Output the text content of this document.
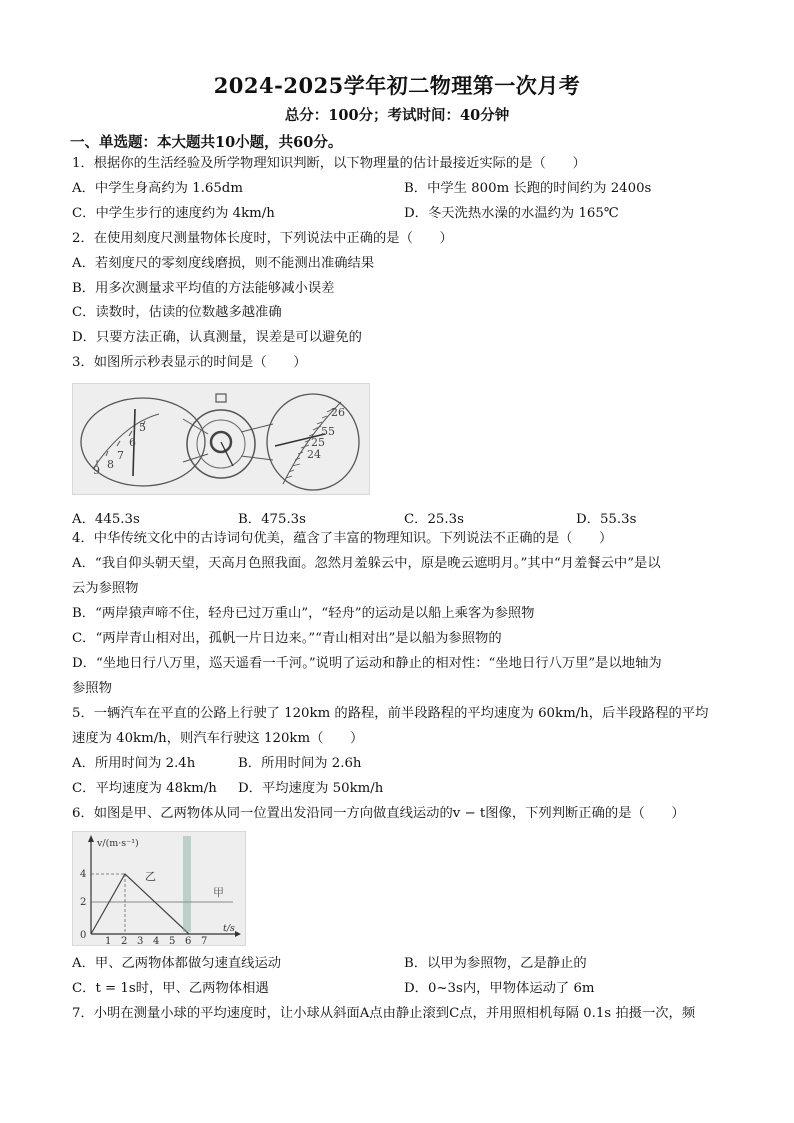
2024-2025学年初二物理第一次月考
总分：100分；考试时间：40分钟
一、单选题：本大题共10小题，共60分。
1．根据你的生活经验及所学物理知识判断，以下物理量的估计最接近实际的是（　　）
A．中学生身高约为 1.65dm	B．中学生 800m 长跑的时间约为 2400s
C．中学生步行的速度约为 4km/h	D．冬天洗热水澡的水温约为 165℃
2．在使用刻度尺测量物体长度时，下列说法中正确的是（　　）
A．若刻度尺的零刻度线磨损，则不能测出准确结果
B．用多次测量求平均值的方法能够减小误差
C．读数时，估读的位数越多越准确
D．只要方法正确，认真测量，误差是可以避免的
3．如图所示秒表显示的时间是（　　）
5
6
7
8
9
26
55
25
24
A．445.3s	B．475.3s	C．25.3s	D．55.3s
4．中华传统文化中的古诗词句优美，蕴含了丰富的物理知识。下列说法不正确的是（　　）
A．“我自仰头朝天望，天高月色照我面。忽然月羞躲云中，原是晚云遮明月。”其中“月羞餐云中”是以
云为参照物
B．“两岸猿声啼不住，轻舟已过万重山”，“轻舟”的运动是以船上乘客为参照物
C．“两岸青山相对出，孤帆一片日边来。”“青山相对出”是以船为参照物的
D．“坐地日行八万里，巡天遥看一千河。”说明了运动和静止的相对性：“坐地日行八万里”是以地轴为
参照物
5．一辆汽车在平直的公路上行驶了 120km 的路程，前半段路程的平均速度为 60km/h，后半段路程的平均
速度为 40km/h，则汽车行驶这 120km（　　）
A．所用时间为 2.4h	B．所用时间为 2.6h
C．平均速度为 48km/h D．平均速度为 50km/h
6．如图是甲、乙两物体从同一位置出发沿同一方向做直线运动的v − t图像，下列判断正确的是（　　）
v/(m·s⁻¹)
t/s
4
2
0
1 2 3 4 5 6 7
乙
甲
A．甲、乙两物体都做匀速直线运动	B．以甲为参照物，乙是静止的
C．t = 1s时，甲、乙两物体相遇	D．0~3s内，甲物体运动了 6m
7．小明在测量小球的平均速度时，让小球从斜面A点由静止滚到C点，并用照相机每隔 0.1s 拍摄一次，频
